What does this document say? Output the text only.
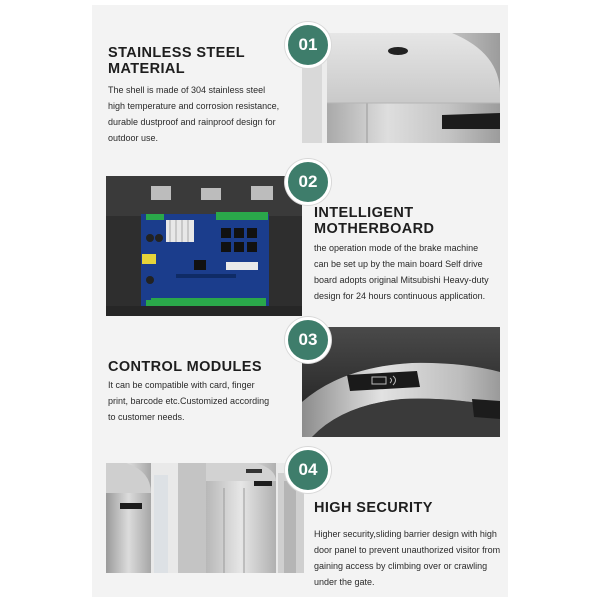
STAINLESS STEEL
MATERIAL
The shell is made of 304 stainless steel
high temperature and corrosion resistance,
durable dustproof and rainproof design for
outdoor use.
01
02
INTELLIGENT
MOTHERBOARD
the operation mode of the brake machine
can be set up by the main board Self drive
board adopts original Mitsubishi Heavy-duty
design for 24 hours continuous application.
CONTROL MODULES
It can be compatible with card, finger
print, barcode etc.Customized according
to customer needs.
03
04
HIGH SECURITY
Higher security,sliding barrier design with high
door panel to prevent unauthorized visitor from
gaining access by climbing over or crawling
under the gate.
